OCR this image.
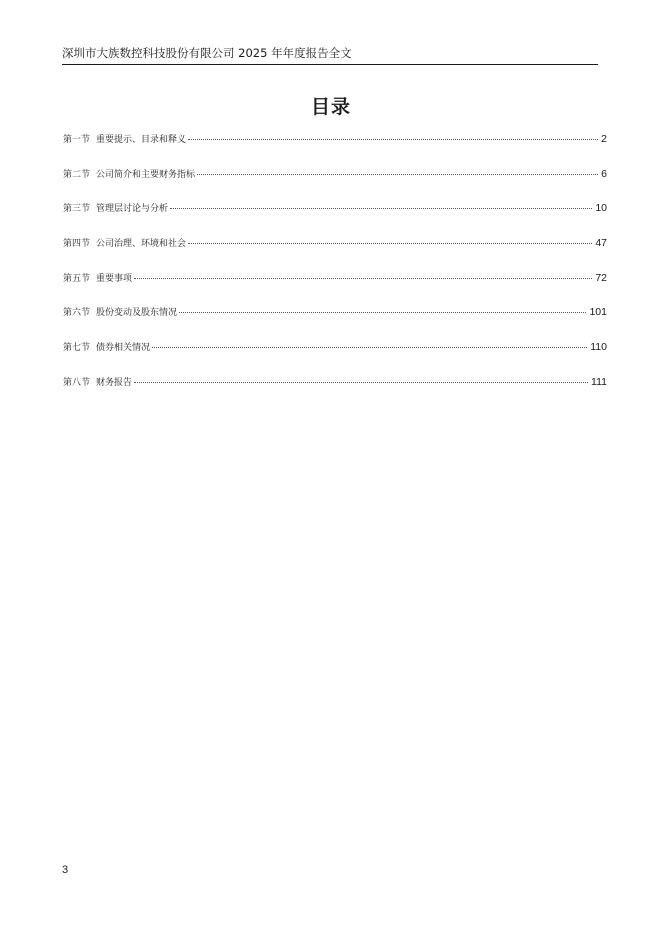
深圳市大族数控科技股份有限公司 2025 年年度报告全文
目录
第一节 重要提示、目录和释义	2
第二节 公司简介和主要财务指标	6
第三节 管理层讨论与分析	10
第四节 公司治理、环境和社会	47
第五节 重要事项	72
第六节 股份变动及股东情况	101
第七节 债券相关情况	110
第八节 财务报告	111
3
